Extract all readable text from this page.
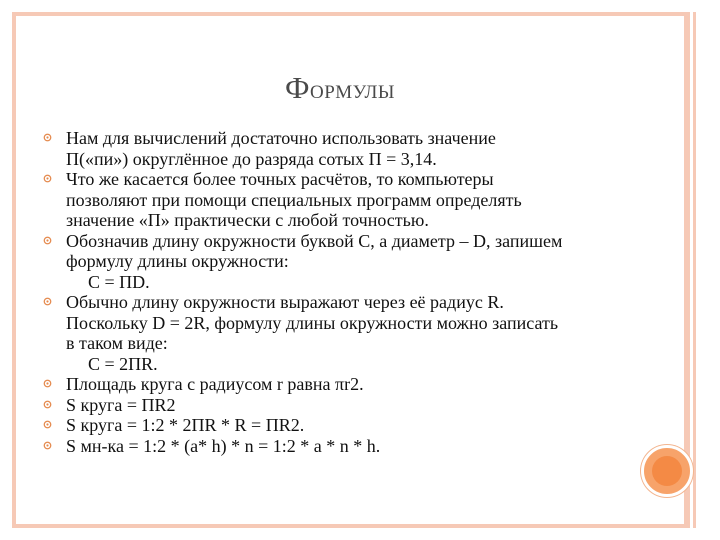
Формулы
Нам для вычислений достаточно использовать значение
П(«пи») округлённое до разряда сотых П = 3,14.
Что же касается более точных расчётов, то компьютеры
позволяют при помощи специальных программ определять
значение «П» практически с любой точностью.
Обозначив длину окружности буквой С, а диаметр – D, запишем
формулу длины окружности:
С = ПD.
Обычно длину окружности выражают через её радиус R.
Поскольку D = 2R, формулу длины окружности можно записать
в таком виде:
С = 2ПR.
Площадь круга с радиусом r равна πr2.
S круга = ПR2
S круга = 1:2 * 2ПR * R = ПR2.
S мн-ка = 1:2 * (a* h) * n = 1:2 * a * n * h.
